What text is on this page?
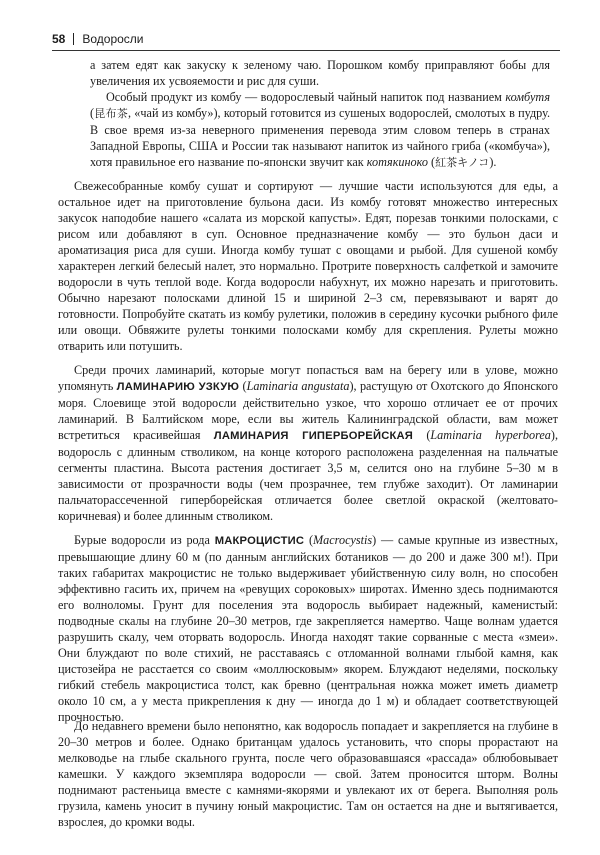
58 Водоросли

а затем едят как закуску к зеленому чаю. Порошком комбу приправляют бобы для увеличения их усвояемости и рис для суши.

Особый продукт из комбу — водорослевый чайный напиток под названием комбутя (昆布茶, «чай из комбу»), который готовится из сушеных водорослей, смолотых в пудру. В свое время из-за неверного применения перевода этим словом теперь в странах Западной Европы, США и России так называют напиток из чайного гриба («комбуча»), хотя правильное его название по-японски звучит как котякиноко (紅茶キノコ).

Свежесобранные комбу сушат и сортируют — лучшие части используются для еды, а остальное идет на приготовление бульона даси. Из комбу готовят множество интересных закусок наподобие нашего «салата из морской капусты». Едят, порезав тонкими полосками, с рисом или добавляют в суп. Основное предназначение комбу — это бульон даси и ароматизация риса для суши. Иногда комбу тушат с овощами и рыбой. Для сушеной комбу характерен легкий белесый налет, это нормально. Протрите поверхность салфеткой и замочите водоросли в чуть теплой воде. Когда водоросли набухнут, их можно нарезать и приготовить. Обычно нарезают полосками длиной 15 и шириной 2–3 см, перевязывают и варят до готовности. Попробуйте скатать из комбу рулетики, положив в середину кусочки рыбного филе или овощи. Обвяжите рулеты тонкими полосками комбу для скрепления. Рулеты можно отварить или потушить.

Среди прочих ламинарий, которые могут попасться вам на берегу или в улове, можно упомянуть ЛАМИНАРИЮ УЗКУЮ (Laminaria angustata), растущую от Охотского до Японского моря. Слоевище этой водоросли действительно узкое, что хорошо отличает ее от прочих ламинарий. В Балтийском море, если вы житель Калининградской области, вам может встретиться красивейшая ЛАМИНАРИЯ ГИПЕРБОРЕЙСКАЯ (Laminaria hyperborea), водоросль с длинным стволиком, на конце которого расположена разделенная на пальчатые сегменты пластина. Высота растения достигает 3,5 м, селится оно на глубине 5–30 м в зависимости от прозрачности воды (чем прозрачнее, тем глубже заходит). От ламинарии пальчаторассеченной гиперборейская отличается более светлой окраской (желтовато-коричневая) и более длинным стволиком.

Бурые водоросли из рода МАКРОЦИСТИС (Macrocystis) — самые крупные из известных, превышающие длину 60 м (по данным английских ботаников — до 200 и даже 300 м!). При таких габаритах макроцистис не только выдерживает убийственную силу волн, но способен эффективно гасить их, причем на «ревущих сороковых» широтах. Именно здесь поднимаются его волноломы. Грунт для поселения эта водоросль выбирает надежный, каменистый: подводные скалы на глубине 20–30 метров, где закрепляется намертво. Чаще волнам удается разрушить скалу, чем оторвать водоросль. Иногда находят такие сорванные с места «змеи». Они блуждают по воле стихий, не расставаясь с отломанной волнами глыбой камня, как цистозейра не расстается со своим «моллюсковым» якорем. Блуждают неделями, поскольку гибкий стебель макроцистиса толст, как бревно (центральная ножка может иметь диаметр около 10 см, а у места прикрепления к дну — иногда до 1 м) и обладает соответствующей прочностью.

До недавнего времени было непонятно, как водоросль попадает и закрепляется на глубине в 20–30 метров и более. Однако британцам удалось установить, что споры прорастают на мелководье на глыбе скального грунта, после чего образовавшаяся «рассада» облюбовывает камешки. У каждого экземпляра водоросли — свой. Затем проносится шторм. Волны поднимают растеньица вместе с камнями-якорями и увлекают их от берега. Выполняя роль грузила, камень уносит в пучину юный макроцистис. Там он остается на дне и вытягивается, взрослея, до кромки воды.
